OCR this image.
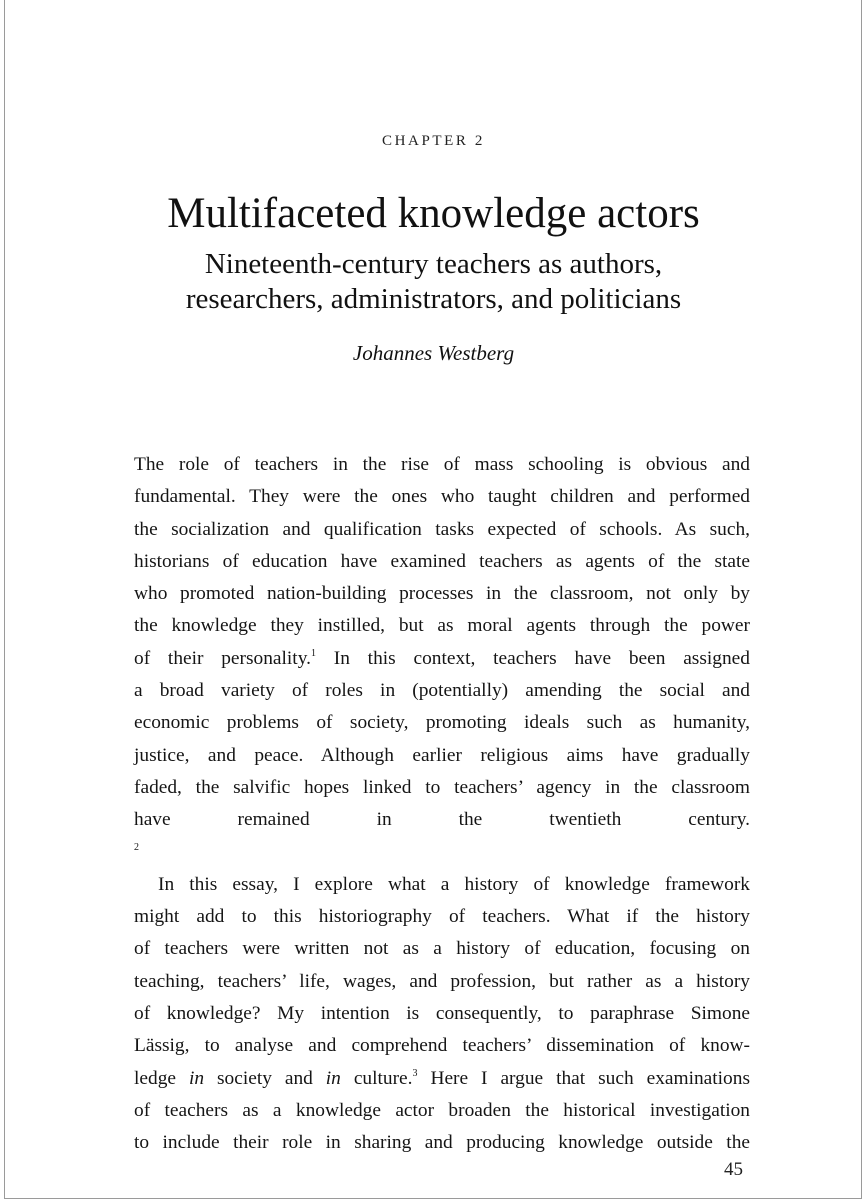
CHAPTER 2
Multifaceted knowledge actors
Nineteenth-century teachers as authors,
researchers, administrators, and politicians
Johannes Westberg
The role of teachers in the rise of mass schooling is obvious and
fundamental. They were the ones who taught children and performed
the socialization and qualification tasks expected of schools. As such,
historians of education have examined teachers as agents of the state
who promoted nation-building processes in the classroom, not only by
the knowledge they instilled, but as moral agents through the power
of their personality.$^1$ In this context, teachers have been assigned
a broad variety of roles in (potentially) amending the social and
economic problems of society, promoting ideals such as humanity,
justice, and peace. Although earlier religious aims have gradually
faded, the salvific hopes linked to teachers’ agency in the classroom
have remained in the twentieth century.
$^2$
In this essay, I explore what a history of knowledge framework
might add to this historiography of teachers. What if the history
of teachers were written not as a history of education, focusing on
teaching, teachers’ life, wages, and profession, but rather as a history
of knowledge? My intention is consequently, to paraphrase Simone
Lässig, to analyse and comprehend teachers’ dissemination of know-
ledge in society and in culture.$^3$ Here I argue that such examinations
of teachers as a knowledge actor broaden the historical investigation
to include their role in sharing and producing knowledge outside the
45
